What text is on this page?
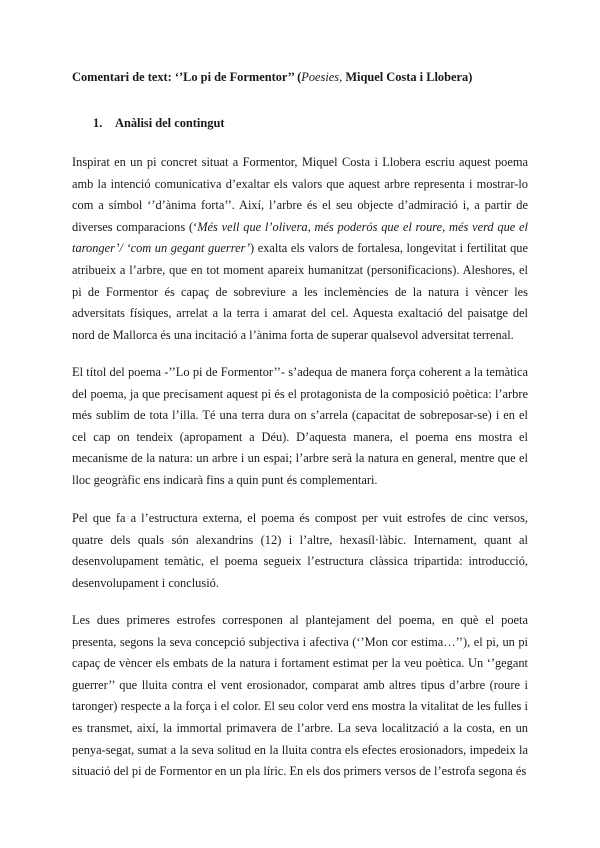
Comentari de text: ‘’Lo pi de Formentor’’ (Poesies, Miquel Costa i Llobera)
1. Anàlisi del contingut

Inspirat en un pi concret situat a Formentor, Miquel Costa i Llobera escriu aquest poema amb la intenció comunicativa d’exaltar els valors que aquest arbre representa i mostrar-lo com a símbol ‘’d’ànima forta’’. Així, l’arbre és el seu objecte d’admiració i, a partir de diverses comparacions (‘Més vell que l’olivera, més poderós que el roure, més verd que el taronger’/ ‘com un gegant guerrer’) exalta els valors de fortalesa, longevitat i fertilitat que atribueix a l’arbre, que en tot moment apareix humanitzat (personificacions). Aleshores, el pi de Formentor és capaç de sobreviure a les inclemències de la natura i vèncer les adversitats físiques, arrelat a la terra i amarat del cel. Aquesta exaltació del paisatge del nord de Mallorca és una incitació a l’ànima forta de superar qualsevol adversitat terrenal.

El títol del poema -’’Lo pi de Formentor’’- s’adequa de manera força coherent a la temàtica del poema, ja que precisament aquest pi és el protagonista de la composició poètica: l’arbre més sublim de tota l’illa. Té una terra dura on s’arrela (capacitat de sobreposar-se) i en el cel cap on tendeix (apropament a Déu). D’aquesta manera, el poema ens mostra el mecanisme de la natura: un arbre i un espai; l’arbre serà la natura en general, mentre que el lloc geogràfic ens indicarà fins a quin punt és complementari.

Pel que fa a l’estructura externa, el poema és compost per vuit estrofes de cinc versos, quatre dels quals són alexandrins (12) i l’altre, hexasíl·làbic. Internament, quant al desenvolupament temàtic, el poema segueix l’estructura clàssica tripartida: introducció, desenvolupament i conclusió.

Les dues primeres estrofes corresponen al plantejament del poema, en què el poeta presenta, segons la seva concepció subjectiva i afectiva (‘’Mon cor estima…’’), el pi, un pi capaç de vèncer els embats de la natura i fortament estimat per la veu poètica. Un ‘’gegant guerrer’’ que lluita contra el vent erosionador, comparat amb altres tipus d’arbre (roure i taronger) respecte a la força i el color. El seu color verd ens mostra la vitalitat de les fulles i es transmet, així, la immortal primavera de l’arbre. La seva localització a la costa, en un penya-segat, sumat a la seva solitud en la lluita contra els efectes erosionadors, impedeix la situació del pi de Formentor en un pla líric. En els dos primers versos de l’estrofa segona és
